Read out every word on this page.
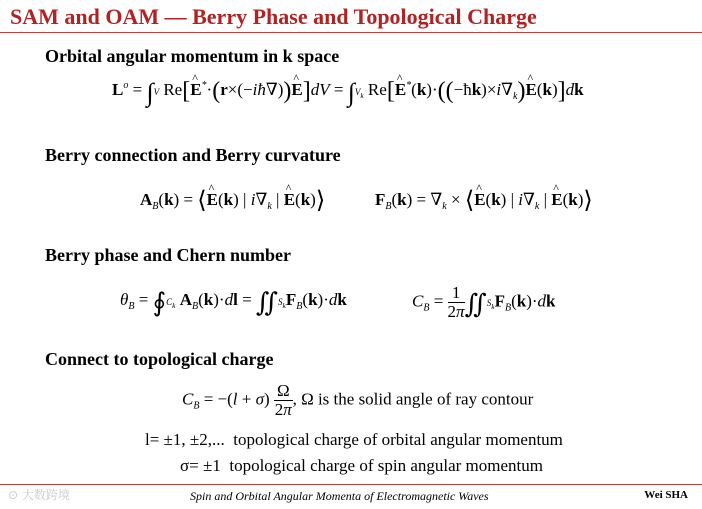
SAM and OAM — Berry Phase and Topological Charge
Orbital angular momentum in k space
$L^o = \int V$ Re[^ E*·(r×(−iħ∇))^ $E]dV = \int V_k$ Re[^ $E^*(k)\cdot((-ħk)\times i\nabla_k)\^{}$ E(k)]dk
Berry connection and Berry curvature
$A_B(k)$ = ⟨^ E(k) | $i\nabla_k$ | ^ E(k)⟩	$F_B(k) = \nabla_k$ × ⟨^ E(k) | $i\nabla_k$ | ^ E(k)⟩
Berry phase and Chern number
$\theta_B$ = $∮C_k$ $A_B(k)\cdot dl$ = $∬S_kF_B(k)\cdot dk$	$C_B = \frac{1}{2\pi}$ $∬S_kF_B(k)\cdot dk$
Connect to topological charge
$C_B = -(l + \sigma) \frac{\Omega}{2\pi}$ , Ω is the solid angle of ray contour
l= ±1, ±2,... topological charge of orbital angular momentum
σ= ±1 topological charge of spin angular momentum
⊙ 大数跨境	Spin and Orbital Angular Momenta of Electromagnetic Waves	Wei SHA
